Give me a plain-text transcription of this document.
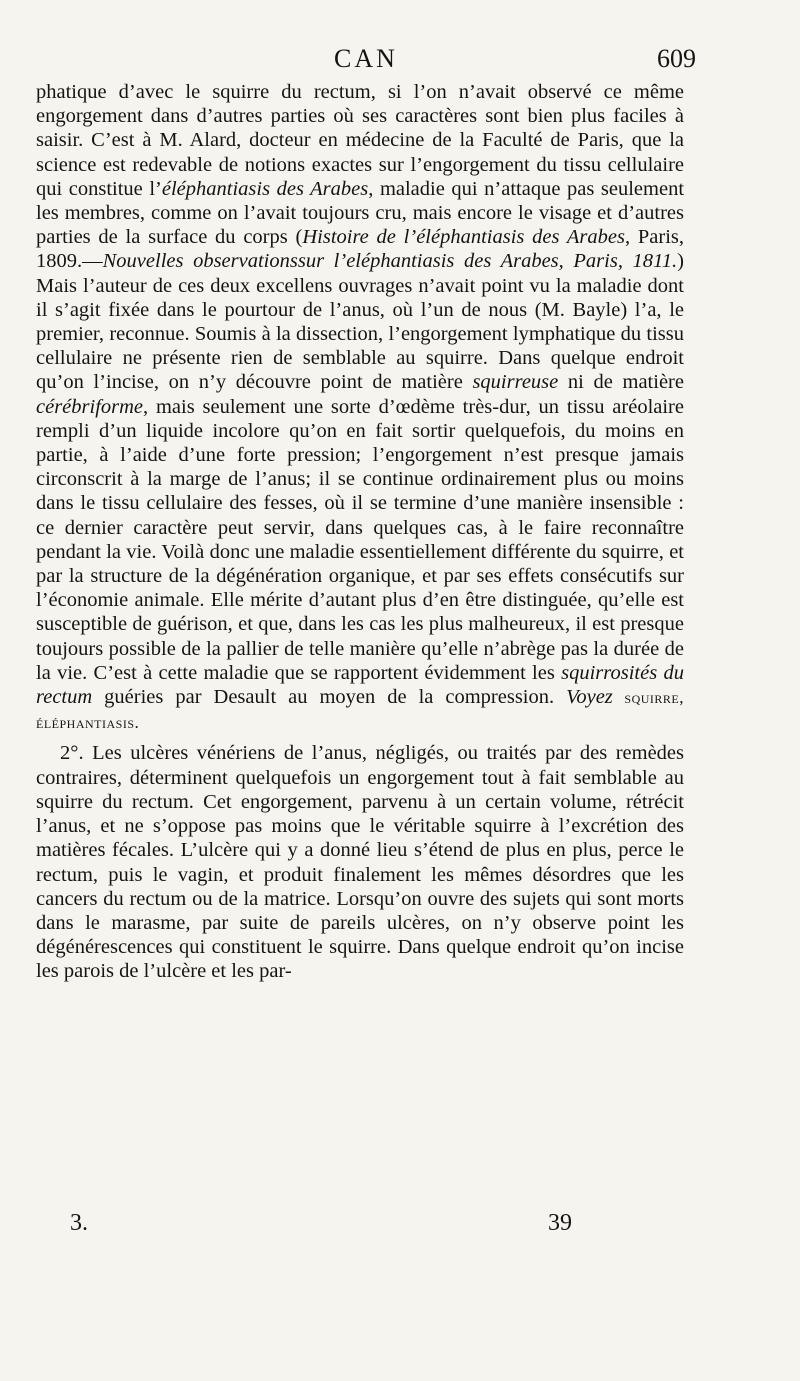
CAN	609

phatique d’avec le squirre du rectum, si l’on n’avait observé ce même engorgement dans d’autres parties où ses caractères sont bien plus faciles à saisir. C’est à M. Alard, docteur en médecine de la Faculté de Paris, que la science est redevable de notions exactes sur l’engorgement du tissu cellulaire qui constitue l’éléphantiasis des Arabes, maladie qui n’attaque pas seulement les membres, comme on l’avait toujours cru, mais encore le visage et d’autres parties de la surface du corps (Histoire de l’éléphantiasis des Arabes, Paris, 1809.—Nouvelles observationssur l’eléphantiasis des Arabes, Paris, 1811.) Mais l’auteur de ces deux excellens ouvrages n’avait point vu la maladie dont il s’agit fixée dans le pourtour de l’anus, où l’un de nous (M. Bayle) l’a, le premier, reconnue. Soumis à la dissection, l’engorgement lymphatique du tissu cellulaire ne présente rien de semblable au squirre. Dans quelque endroit qu’on l’incise, on n’y découvre point de matière squirreuse ni de matière cérébriforme, mais seulement une sorte d’œdème très-dur, un tissu aréolaire rempli d’un liquide incolore qu’on en fait sortir quelquefois, du moins en partie, à l’aide d’une forte pression; l’engorgement n’est presque jamais circonscrit à la marge de l’anus; il se continue ordinairement plus ou moins dans le tissu cellulaire des fesses, où il se termine d’une manière insensible : ce dernier caractère peut servir, dans quelques cas, à le faire reconnaître pendant la vie. Voilà donc une maladie essentiellement différente du squirre, et par la structure de la dégénération organique, et par ses effets consécutifs sur l’économie animale. Elle mérite d’autant plus d’en être distinguée, qu’elle est susceptible de guérison, et que, dans les cas les plus malheureux, il est presque toujours possible de la pallier de telle manière qu’elle n’abrège pas la durée de la vie. C’est à cette maladie que se rapportent évidemment les squirrosités du rectum guéries par Desault au moyen de la compression. Voyez squirre, éléphantiasis.

2°. Les ulcères vénériens de l’anus, négligés, ou traités par des remèdes contraires, déterminent quelquefois un engorgement tout à fait semblable au squirre du rectum. Cet engorgement, parvenu à un certain volume, rétrécit l’anus, et ne s’oppose pas moins que le véritable squirre à l’excrétion des matières fécales. L’ulcère qui y a donné lieu s’étend de plus en plus, perce le rectum, puis le vagin, et produit finalement les mêmes désordres que les cancers du rectum ou de la matrice. Lorsqu’on ouvre des sujets qui sont morts dans le marasme, par suite de pareils ulcères, on n’y observe point les dégénérescences qui constituent le squirre. Dans quelque endroit qu’on incise les parois de l’ulcère et les par-

3.	39
